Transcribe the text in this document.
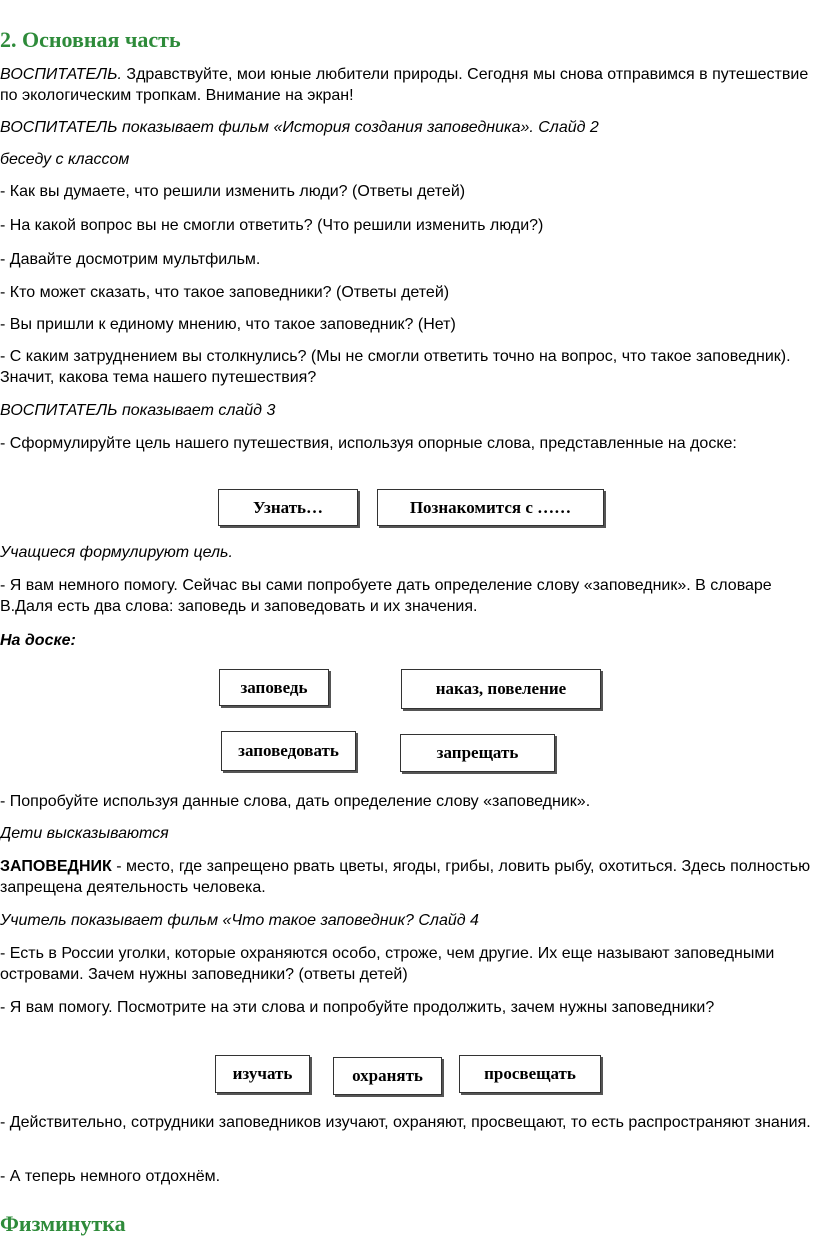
2. Основная часть

ВОСПИТАТЕЛЬ. Здравствуйте, мои юные любители природы. Сегодня мы снова отправимся в путешествие по экологическим тропкам. Внимание на экран!

ВОСПИТАТЕЛЬ показывает фильм «История создания заповедника». Слайд 2

беседу с классом

- Как вы думаете, что решили изменить люди? (Ответы детей)

- На какой вопрос вы не смогли ответить? (Что решили изменить люди?)

- Давайте досмотрим мультфильм.

- Кто может сказать, что такое заповедники? (Ответы детей)

- Вы пришли к единому мнению, что такое заповедник? (Нет)

- С каким затруднением вы столкнулись? (Мы не смогли ответить точно на вопрос, что такое заповедник). Значит, какова тема нашего путешествия?

ВОСПИТАТЕЛЬ показывает слайд 3

- Сформулируйте цель нашего путешествия, используя опорные слова, представленные на доске:

Узнать…	Познакомится с ……

Учащиеся формулируют цель.

- Я вам немного помогу. Сейчас вы сами попробуете дать определение слову «заповедник». В словаре В.Даля есть два слова: заповедь и заповедовать и их значения.

На доске:

заповедь	наказ, повеление
заповедовать	запрещать

- Попробуйте используя данные слова, дать определение слову «заповедник».

Дети высказываются

ЗАПОВЕДНИК - место, где запрещено рвать цветы, ягоды, грибы, ловить рыбу, охотиться. Здесь полностью запрещена деятельность человека.

Учитель показывает фильм «Что такое заповедник? Слайд 4

- Есть в России уголки, которые охраняются особо, строже, чем другие. Их еще называют заповедными островами. Зачем нужны заповедники? (ответы детей)

- Я вам помогу. Посмотрите на эти слова и попробуйте продолжить, зачем нужны заповедники?

изучать	охранять	просвещать

- Действительно, сотрудники заповедников изучают, охраняют, просвещают, то есть распространяют знания.

- А теперь немного отдохнём.

Физминутка
